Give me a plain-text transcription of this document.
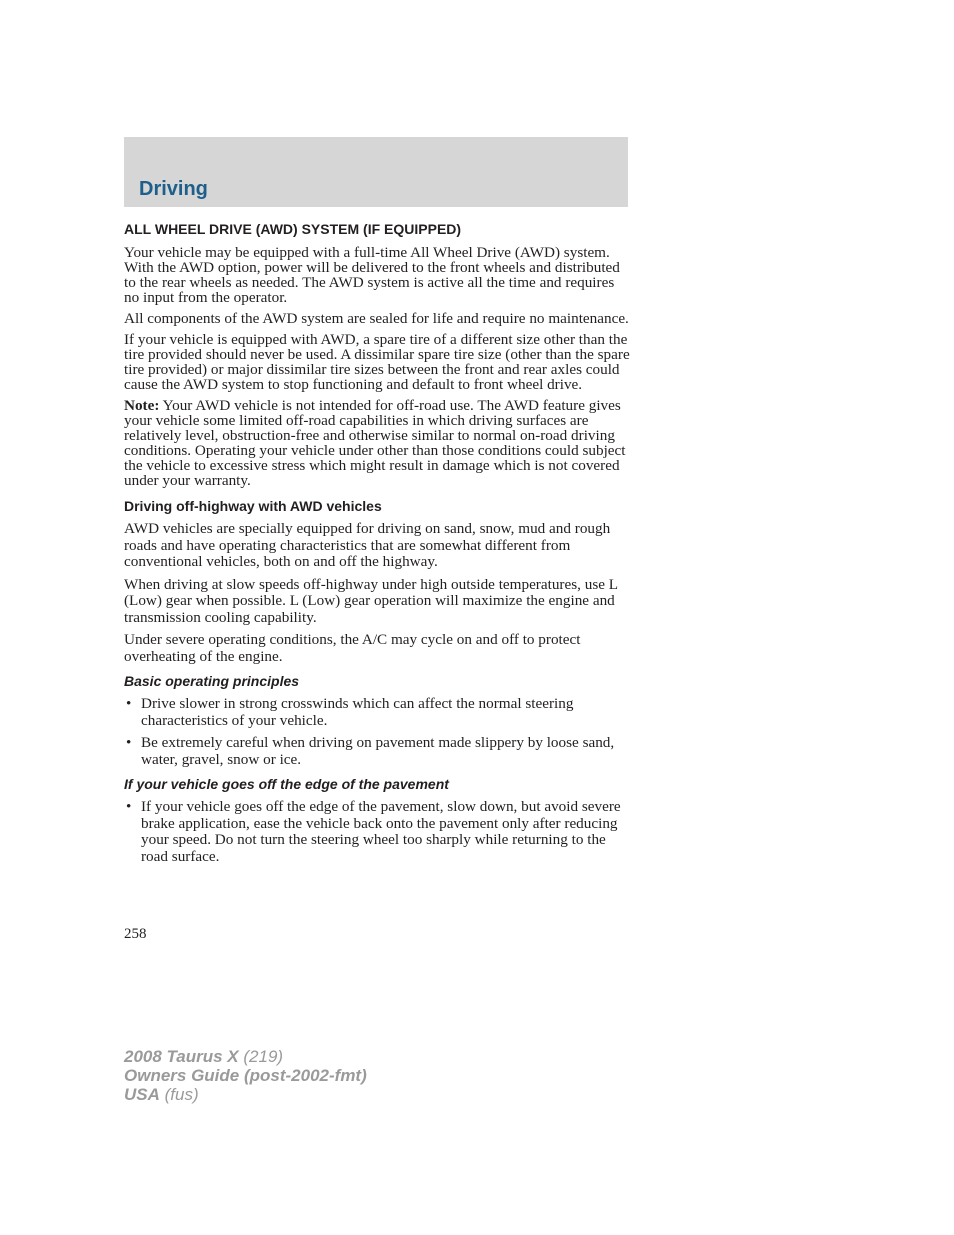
Driving
ALL WHEEL DRIVE (AWD) SYSTEM (IF EQUIPPED)

Your vehicle may be equipped with a full-time All Wheel Drive (AWD) system. With the AWD option, power will be delivered to the front wheels and distributed to the rear wheels as needed. The AWD system is active all the time and requires no input from the operator.

All components of the AWD system are sealed for life and require no maintenance.

If your vehicle is equipped with AWD, a spare tire of a different size other than the tire provided should never be used. A dissimilar spare tire size (other than the spare tire provided) or major dissimilar tire sizes between the front and rear axles could cause the AWD system to stop functioning and default to front wheel drive.

Note: Your AWD vehicle is not intended for off-road use. The AWD feature gives your vehicle some limited off-road capabilities in which driving surfaces are relatively level, obstruction-free and otherwise similar to normal on-road driving conditions. Operating your vehicle under other than those conditions could subject the vehicle to excessive stress which might result in damage which is not covered under your warranty.

Driving off-highway with AWD vehicles

AWD vehicles are specially equipped for driving on sand, snow, mud and rough roads and have operating characteristics that are somewhat different from conventional vehicles, both on and off the highway.

When driving at slow speeds off-highway under high outside temperatures, use L (Low) gear when possible. L (Low) gear operation will maximize the engine and transmission cooling capability.

Under severe operating conditions, the A/C may cycle on and off to protect overheating of the engine.

Basic operating principles
• Drive slower in strong crosswinds which can affect the normal steering characteristics of your vehicle.
• Be extremely careful when driving on pavement made slippery by loose sand, water, gravel, snow or ice.
If your vehicle goes off the edge of the pavement
• If your vehicle goes off the edge of the pavement, slow down, but avoid severe brake application, ease the vehicle back onto the pavement only after reducing your speed. Do not turn the steering wheel too sharply while returning to the road surface.
258
2008 Taurus X (219)
Owners Guide (post-2002-fmt)
USA (fus)
